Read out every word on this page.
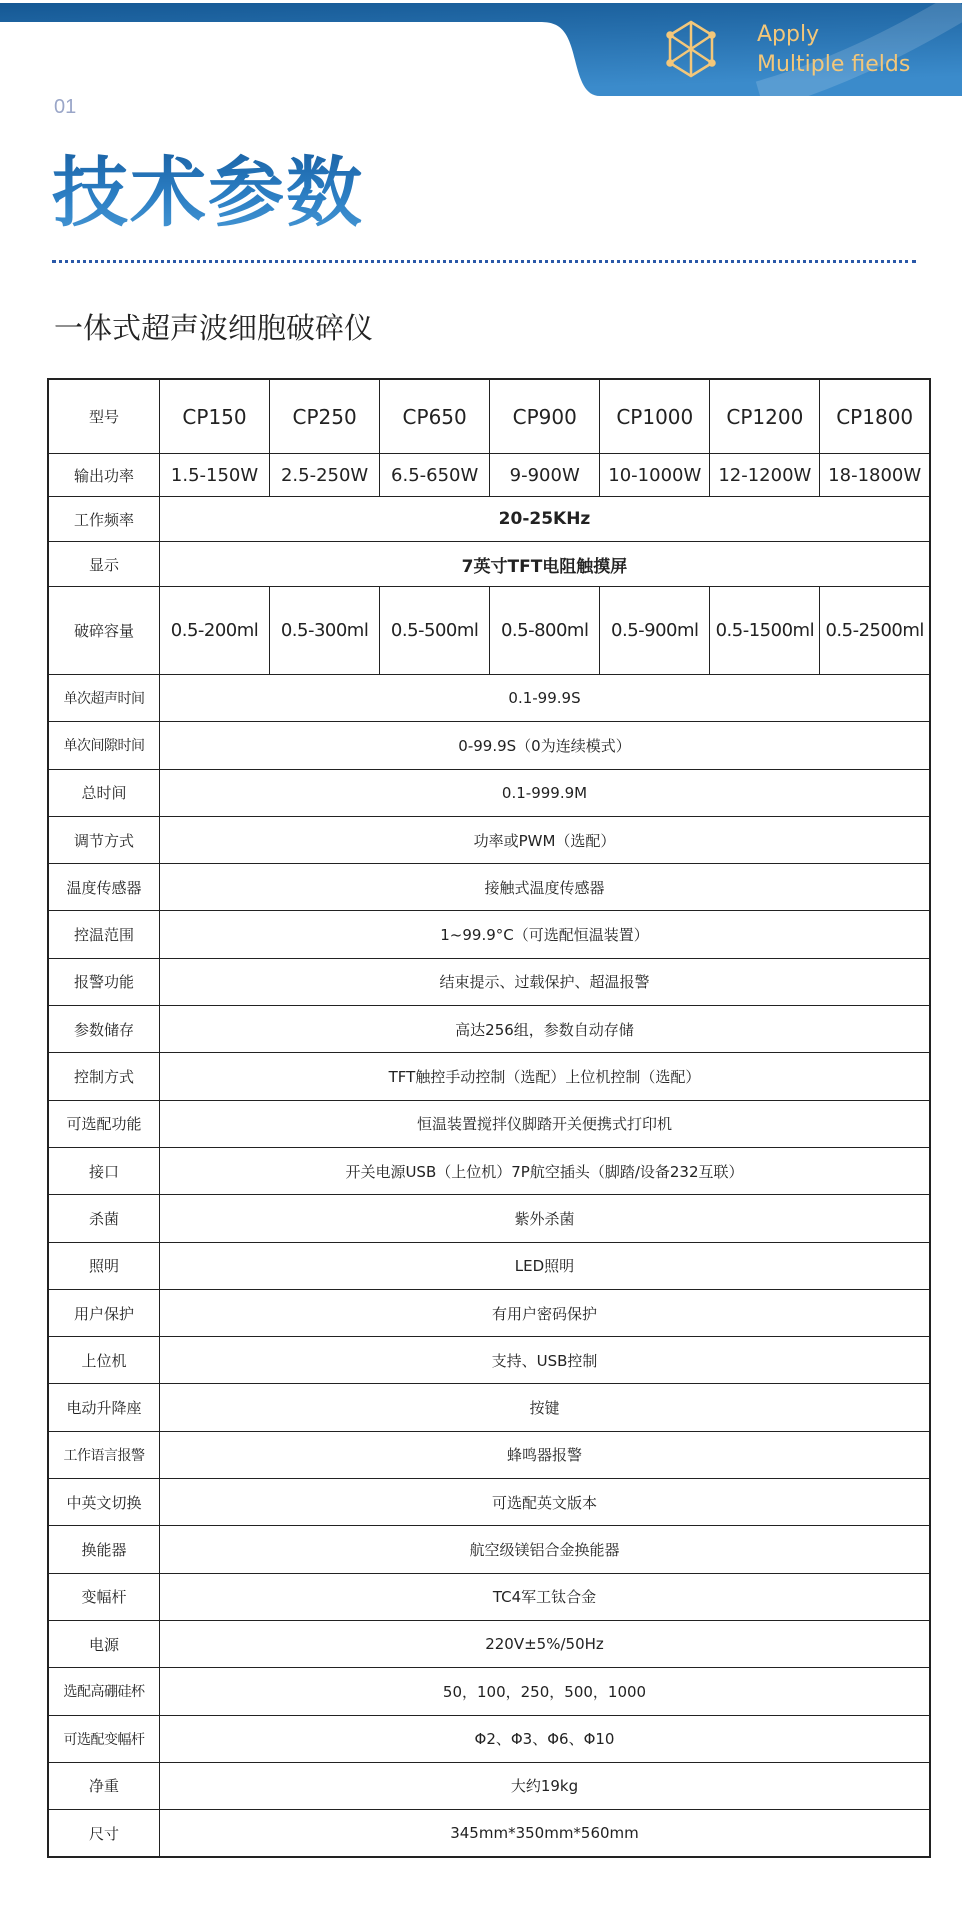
Apply
Multiple fields
01
技术参数
一体式超声波细胞破碎仪
型号	CP150	CP250	CP650	CP900	CP1000	CP1200	CP1800
输出功率	1.5-150W	2.5-250W	6.5-650W	9-900W	10-1000W	12-1200W	18-1800W
工作频率	20-25KHz						
显示	7英寸TFT电阻触摸屏						
破碎容量	0.5-200ml	0.5-300ml	0.5-500ml	0.5-800ml	0.5-900ml	0.5-1500ml	0.5-2500ml
单次超声时间	0.1-99.9S						
单次间隙时间	0-99.9S（0为连续模式）						
总时间	0.1-999.9M						
调节方式	功率或PWM（选配）						
温度传感器	接触式温度传感器						
控温范围	1~99.9°C（可选配恒温装置）						
报警功能	结束提示、过载保护、超温报警						
参数储存	高达256组，参数自动存储						
控制方式	TFT触控手动控制（选配）上位机控制（选配）						
可选配功能	恒温装置搅拌仪脚踏开关便携式打印机						
接口	开关电源USB（上位机）7P航空插头（脚踏/设备232互联）						
杀菌	紫外杀菌						
照明	LED照明						
用户保护	有用户密码保护						
上位机	支持、USB控制						
电动升降座	按键						
工作语言报警	蜂鸣器报警						
中英文切换	可选配英文版本						
换能器	航空级镁铝合金换能器						
变幅杆	TC4军工钛合金						
电源	220V±5%/50Hz						
选配高硼硅杯	50，100，250，500，1000						
可选配变幅杆	Φ2、Φ3、Φ6、Φ10						
净重	大约19kg						
尺寸	345mm*350mm*560mm						
